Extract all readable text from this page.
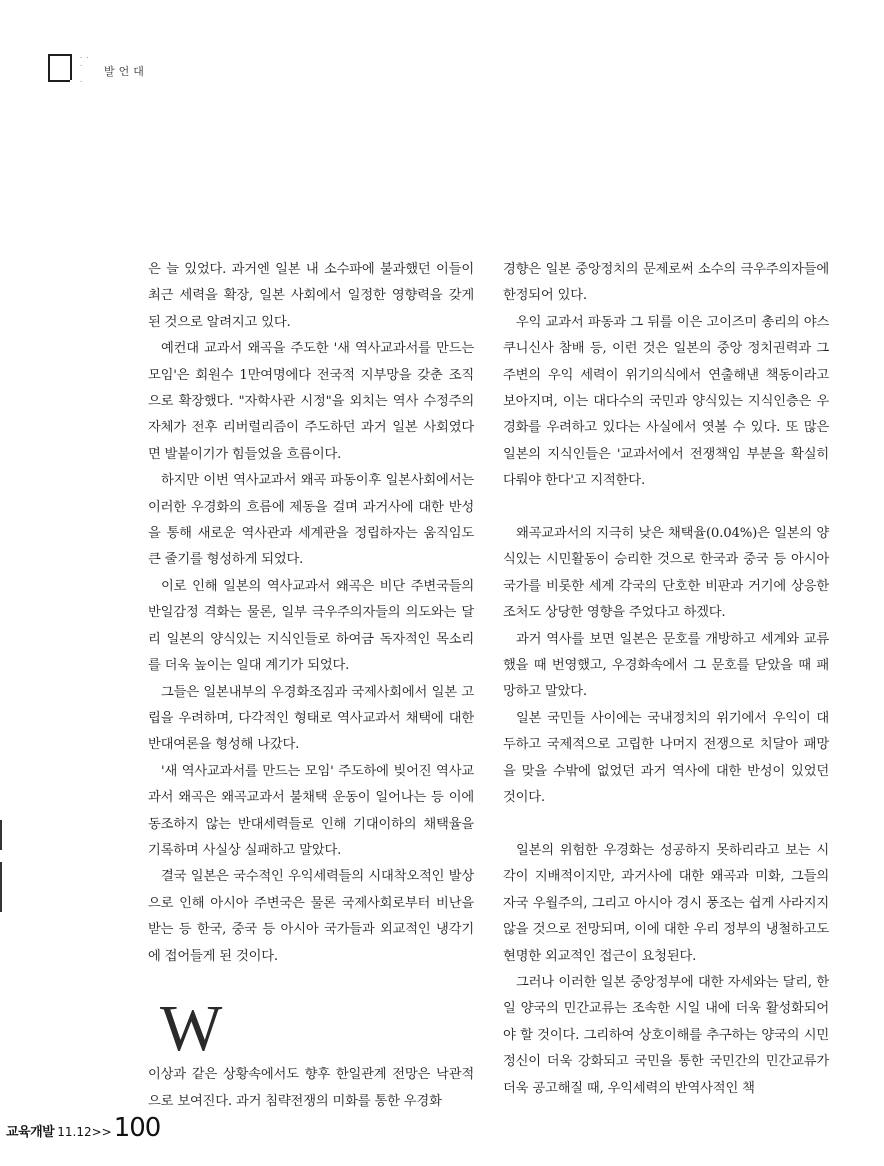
· ·
·

·
발언대

은 늘 있었다. 과거엔 일본 내 소수파에 불과했던 이들이 최근 세력을 확장, 일본 사회에서 일정한 영향력을 갖게 된 것으로 알려지고 있다.

예컨대 교과서 왜곡을 주도한 '새 역사교과서를 만드는 모임'은 회원수 1만여명에다 전국적 지부망을 갖춘 조직으로 확장했다. "자학사관 시정"을 외치는 역사 수정주의 자체가 전후 리버럴리즘이 주도하던 과거 일본 사회였다면 발붙이기가 힘들었을 흐름이다.

하지만 이번 역사교과서 왜곡 파동이후 일본사회에서는 이러한 우경화의 흐름에 제동을 걸며 과거사에 대한 반성을 통해 새로운 역사관과 세계관을 정립하자는 움직임도 큰 줄기를 형성하게 되었다.

이로 인해 일본의 역사교과서 왜곡은 비단 주변국들의 반일감정 격화는 물론, 일부 극우주의자들의 의도와는 달리 일본의 양식있는 지식인들로 하여금 독자적인 목소리를 더욱 높이는 일대 계기가 되었다.

그들은 일본내부의 우경화조짐과 국제사회에서 일본 고립을 우려하며, 다각적인 형태로 역사교과서 채택에 대한 반대여론을 형성해 나갔다.

'새 역사교과서를 만드는 모임' 주도하에 빚어진 역사교과서 왜곡은 왜곡교과서 불채택 운동이 일어나는 등 이에 동조하지 않는 반대세력들로 인해 기대이하의 채택율을 기록하며 사실상 실패하고 말았다.

결국 일본은 국수적인 우익세력들의 시대착오적인 발상으로 인해 아시아 주변국은 물론 국제사회로부터 비난을 받는 등 한국, 중국 등 아시아 국가들과 외교적인 냉각기에 접어들게 된 것이다.

W

이상과 같은 상황속에서도 향후 한일관계 전망은 낙관적으로 보여진다. 과거 침략전쟁의 미화를 통한 우경화

경향은 일본 중앙정치의 문제로써 소수의 극우주의자들에 한정되어 있다.

우익 교과서 파동과 그 뒤를 이은 고이즈미 총리의 야스쿠니신사 참배 등, 이런 것은 일본의 중앙 정치권력과 그 주변의 우익 세력이 위기의식에서 연출해낸 책동이라고 보아지며, 이는 대다수의 국민과 양식있는 지식인층은 우경화를 우려하고 있다는 사실에서 엿볼 수 있다. 또 많은 일본의 지식인들은 '교과서에서 전쟁책임 부분을 확실히 다뤄야 한다'고 지적한다.

왜곡교과서의 지극히 낮은 채택율(0.04%)은 일본의 양식있는 시민활동이 승리한 것으로 한국과 중국 등 아시아 국가를 비롯한 세계 각국의 단호한 비판과 거기에 상응한 조처도 상당한 영향을 주었다고 하겠다.

과거 역사를 보면 일본은 문호를 개방하고 세계와 교류했을 때 번영했고, 우경화속에서 그 문호를 닫았을 때 패망하고 말았다.

일본 국민들 사이에는 국내정치의 위기에서 우익이 대두하고 국제적으로 고립한 나머지 전쟁으로 치달아 패망을 맞을 수밖에 없었던 과거 역사에 대한 반성이 있었던 것이다.

일본의 위험한 우경화는 성공하지 못하리라고 보는 시각이 지배적이지만, 과거사에 대한 왜곡과 미화, 그들의 자국 우월주의, 그리고 아시아 경시 풍조는 쉽게 사라지지 않을 것으로 전망되며, 이에 대한 우리 정부의 냉철하고도 현명한 외교적인 접근이 요청된다.

그러나 이러한 일본 중앙정부에 대한 자세와는 달리, 한일 양국의 민간교류는 조속한 시일 내에 더욱 활성화되어야 할 것이다. 그리하여 상호이해를 추구하는 양국의 시민정신이 더욱 강화되고 국민을 통한 국민간의 민간교류가 더욱 공고해질 때, 우익세력의 반역사적인 책

교육개발 11.12>>100
